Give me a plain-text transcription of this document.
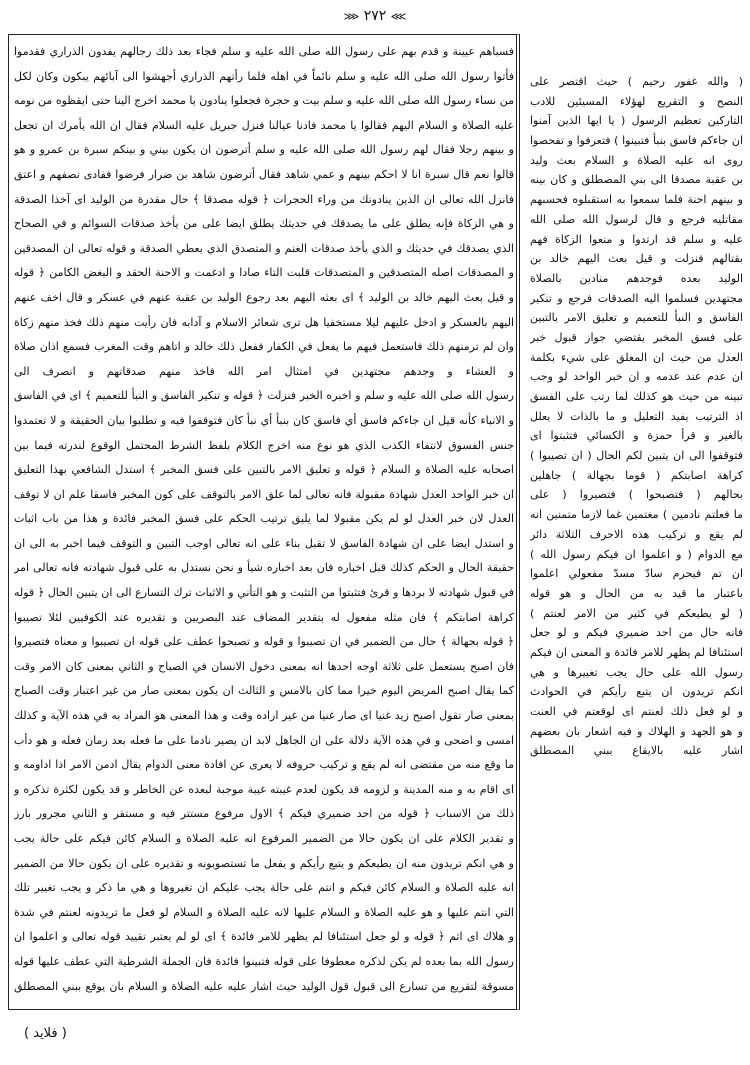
⋙ ٢٧٢ ⋘
فسباهم عيينة و قدم بهم على رسول الله صلى الله عليه و سلم فجاء بعد ذلك رجالهم يفدون الذراري فقدموا
فأتوا رسول الله صلى الله عليه و سلم نائماً في اهله فلما رأتهم الذراري أجهشوا الى آبائهم يبكون وكان لكل
من نساء رسول الله صلى الله عليه و سلم بيت و حجرة فجعلوا ينادون يا محمد اخرج الينا حتى ايقظوه من نومه
عليه الصلاة و السلام اليهم فقالوا يا محمد فادنا عيالنا فنزل جبريل عليه السلام فقال ان الله يأمرك ان تجعل
و بينهم رجلا فقال لهم رسول الله صلى الله عليه و سلم أترضون ان يكون بيني و بينكم سبرة بن عمرو و هو
قالوا نعم قال سبرة انا لا احكم بينهم و عمي شاهد فقال أترضون شاهد بن ضرار فرضوا ففادى نصفهم و اعتق
فانزل الله تعالى ان الذين ينادونك من وراء الحجرات ﴿ قوله مصدقا ﴾ حال مقدرة من الوليد اى آخذا الصدقة
و هي الزكاة فإنه يطلق على ما يصدقك في حديثك يطلق ايضا على من يأخذ صدقات السوائم و في الصحاح
الذي يصدقك في حديثك و الذي يأخذ صدقات الغنم و المتصدق الذي يعطي الصدقة و قوله تعالى ان المصدقين
و المصدقات اصله المتصدقين و المتصدقات قلبت التاء صادا و ادغمت و الاحنة الحقد و البغض الكامن ﴿ قوله
و قيل بعث اليهم خالد بن الوليد ﴾ اى بعثه اليهم بعد رجوع الوليد بن عقبة عنهم في عسكر و قال اخف عنهم
اليهم بالعسكر و ادخل عليهم ليلا مستخفيا هل ترى شعائر الاسلام و آدابه فان رأيت منهم ذلك فخذ منهم زكاة
وان لم ترمنهم ذلك فاستعمل فيهم ما يفعل في الكفار ففعل ذلك خالد و اتاهم وقت المغرب فسمع اذان صلاة
و العشاء و وجدهم مجتهدين في امتثال امر الله فاخذ منهم صدقاتهم و انصرف الى
رسول الله صلى الله عليه و سلم و اخبره الخبر فنزلت ﴿ قوله و تنكير الفاسق و النبأ للتعميم ﴾ اى في الفاسق
و الانباء كأنه قيل ان جاءكم فاسق أي فاسق كان بنبأ أي نبأ كان فتوقفوا فيه و تطلبوا بيان الحقيقة و لا تعتمدوا
جنس الفسوق لانتفاء الكذب الذي هو نوع منه اخرج الكلام بلفظ الشرط المحتمل الوقوع لندرته فيما بين
اصحابه عليه الصلاة و السلام ﴿ قوله و تعليق الامر بالتبين على فسق المخبر ﴾ استدل الشافعي بهذا التعليق
ان خبر الواحد العدل شهادة مقبولة فانه تعالى لما علق الامر بالتوقف على كون المخبر فاسقا علم ان لا توقف
العدل لان خبر العدل لو لم يكن مقبولا لما يليق ترتيب الحكم على فسق المخبر فائدة و هذا من باب اثبات
و استدل ايضا على ان شهادة الفاسق لا تقبل بناء على انه تعالى اوجب التبين و التوقف فيما اخبر به الى ان
حقيقة الحال و الحكم كذلك قبل اخباره فان بعد اخباره شيأ و نحن نستدل به على قبول شهادته فانه تعالى امر
في قبول شهادته لا بردها و قرئ فتثبتوا من التثبت و هو التأني و الاثبات ترك التسارع الى ان يتبين الحال ﴿ قوله
كراهة اصابتكم ﴾ فان مثله مفعول له بتقدير المضاف عند البصريين و تقديره عند الكوفيين لئلا تصيبوا
﴿ قوله بجهالة ﴾ حال من الضمير في ان تصيبوا و قوله و تصبحوا عطف على قوله ان تصيبوا و معناه فتصيروا
فان اصبح يستعمل على ثلاثة اوجه احدها انه بمعنى دخول الانسان في الصباح و الثاني بمعنى كان الامر وقت
كما يقال اصبح المريض اليوم خيرا مما كان بالامس و الثالث ان يكون بمعنى صار من غير اعتبار وقت الصباح
بمعنى صار تقول اصبح زيد غنيا اى صار غنيا من غير اراده وقت و هذا المعنى هو المراد به في هذه الآية و كذلك
امسى و اضحى و في هذه الآية دلالة على ان الجاهل لابد ان يصير نادما على ما فعله بعد زمان فعله و هو دأب
ما وقع منه من مقتضى انه لم يقع و تركيب حروفه لا يعرى عن افادة معنى الدوام يقال ادمن الامر اذا اداومه و
اى اقام به و منه المدينة و لزومه قد يكون لعدم غيبته غيبة موجبة لبعده عن الخاطر و قد يكون لكثرة تذكره و
ذلك من الاسباب ﴿ قوله من احد ضميري فيكم ﴾ الاول مرفوع مستتر فيه و مستقر و الثاني مجرور بارز
و تقدير الكلام على ان يكون حالا من الضمير المرفوع انه عليه الصلاة و السلام كائن فيكم على حالة يجب
و هي انكم تريدون منه ان يطيعكم و يتبع رأيكم و يفعل ما تستصوبونه و تقديره على ان يكون حالا من الضمير
انه عليه الصلاة و السلام كائن فيكم و انتم على حالة يجب عليكم ان تغيروها و هي ما ذكر و يجب تغيير تلك
التي انتم عليها و هو عليه الصلاة و السلام عليها لانه عليه الصلاة و السلام لو فعل ما تريدونه لعنتم في شدة
و هلاك اى اثم ﴿ قوله و لو جعل استئنافا لم يظهر للامر فائدة ﴾ اى لو لم يعتبر تقييد قوله تعالى و اعلموا ان
رسول الله بما بعده لم يكن لذكره معطوفا على قوله فتبينوا فائدة فان الجملة الشرطية التي عطف عليها قوله
مسوقة لتقريع من تسارع الى قبول قول الوليد حيث اشار عليه عليه الصلاة و السلام بان يوقع ببني المصطلق
( والله غفور رحيم ) حيث اقتصر على
النصح و التقريع لهؤلاء المسيئين للادب
التاركين تعظيم الرسول ( يا ايها الذين آمنوا
ان جاءكم فاسق بنبأ فتبينوا ) فتعرفوا و تفحصوا
روى انه عليه الصلاة و السلام بعث وليد
بن عقبة مصدقا الى بني المصطلق و كان بينه
و بينهم احنة فلما سمعوا به استقبلوه فحسبهم
مقاتليه فرجع و قال لرسول الله صلى الله
عليه و سلم قد ارتدوا و منعوا الزكاة فهم
بقتالهم فنزلت و قيل بعث اليهم خالد بن
الوليد بعده فوجدهم منادين بالصلاة
مجتهدين فسلموا اليه الصدقات فرجع و تنكير
الفاسق و النبأ للتعميم و تعليق الامر بالتبين
على فسق المخبر يقتضي جواز قبول خبر
العدل من حيث ان المعلق على شيء بكلمة
ان عدم عند عدمه و ان خبر الواحد لو وجب
تبينه من حيث هو كذلك لما رتب على الفسق
اذ الترتيب يفيد التعليل و ما بالذات لا يعلل
بالغير و قرأ حمزة و الكسائي فتثبتوا اى
فتوقفوا الى ان يتبين لكم الحال ( ان تصيبوا )
كراهة اصابتكم ( قوما بجهالة ) جاهلين
بحالهم ( فتصبحوا ) فتصيروا ( على
ما فعلتم نادمين ) مغتمين غما لازما متمنين انه
لم يقع و تركيب هذه الاحرف الثلاثة دائر
مع الدوام ( و اعلموا ان فيكم رسول الله )
ان تم فيحرم سادّ مسدّ مفعولي اعلموا
باعتبار ما قيد به من الحال و هو قوله
( لو يطيعكم في كثير من الامر لعنتم )
فانه حال من احد ضميري فيكم و لو جعل
استئنافا لم يظهر للامر فائدة و المعنى ان فيكم
رسول الله على حال يجب تغييرها و هي
انكم تريدون ان يتبع رأيكم في الحوادث
و لو فعل ذلك لعنتم اى لوقعتم في العنت
و هو الجهد و الهلاك و فيه اشعار بان بعضهم
اشار عليه بالايقاع ببني المصطلق
( فلايد )
